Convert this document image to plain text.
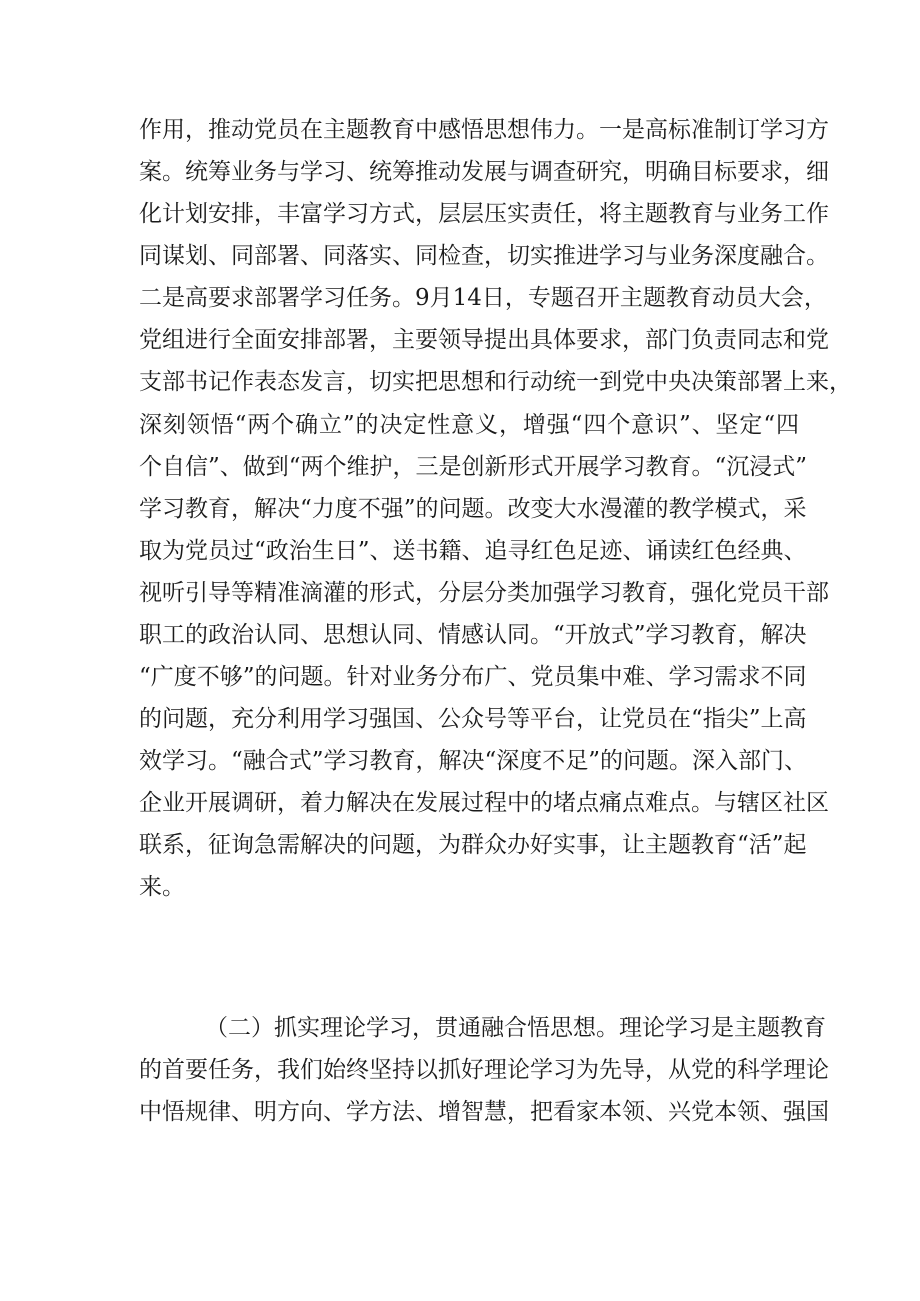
作用，推动党员在主题教育中感悟思想伟力。一是高标准制订学习方
案。统筹业务与学习、统筹推动发展与调查研究，明确目标要求，细
化计划安排，丰富学习方式，层层压实责任，将主题教育与业务工作
同谋划、同部署、同落实、同检查，切实推进学习与业务深度融合。
二是高要求部署学习任务。9月14日，专题召开主题教育动员大会，
党组进行全面安排部署，主要领导提出具体要求，部门负责同志和党
支部书记作表态发言，切实把思想和行动统一到党中央决策部署上来，
深刻领悟“两个确立”的决定性意义，增强“四个意识”、坚定“四
个自信”、做到“两个维护，三是创新形式开展学习教育。“沉浸式”
学习教育，解决“力度不强”的问题。改变大水漫灌的教学模式，采
取为党员过“政治生日”、送书籍、追寻红色足迹、诵读红色经典、
视听引导等精准滴灌的形式，分层分类加强学习教育，强化党员干部
职工的政治认同、思想认同、情感认同。“开放式”学习教育，解决
“广度不够”的问题。针对业务分布广、党员集中难、学习需求不同
的问题，充分利用学习强国、公众号等平台，让党员在“指尖”上高
效学习。“融合式”学习教育，解决“深度不足”的问题。深入部门、
企业开展调研，着力解决在发展过程中的堵点痛点难点。与辖区社区
联系，征询急需解决的问题，为群众办好实事，让主题教育“活”起
来。
（二）抓实理论学习，贯通融合悟思想。理论学习是主题教育
的首要任务，我们始终坚持以抓好理论学习为先导，从党的科学理论
中悟规律、明方向、学方法、增智慧，把看家本领、兴党本领、强国
